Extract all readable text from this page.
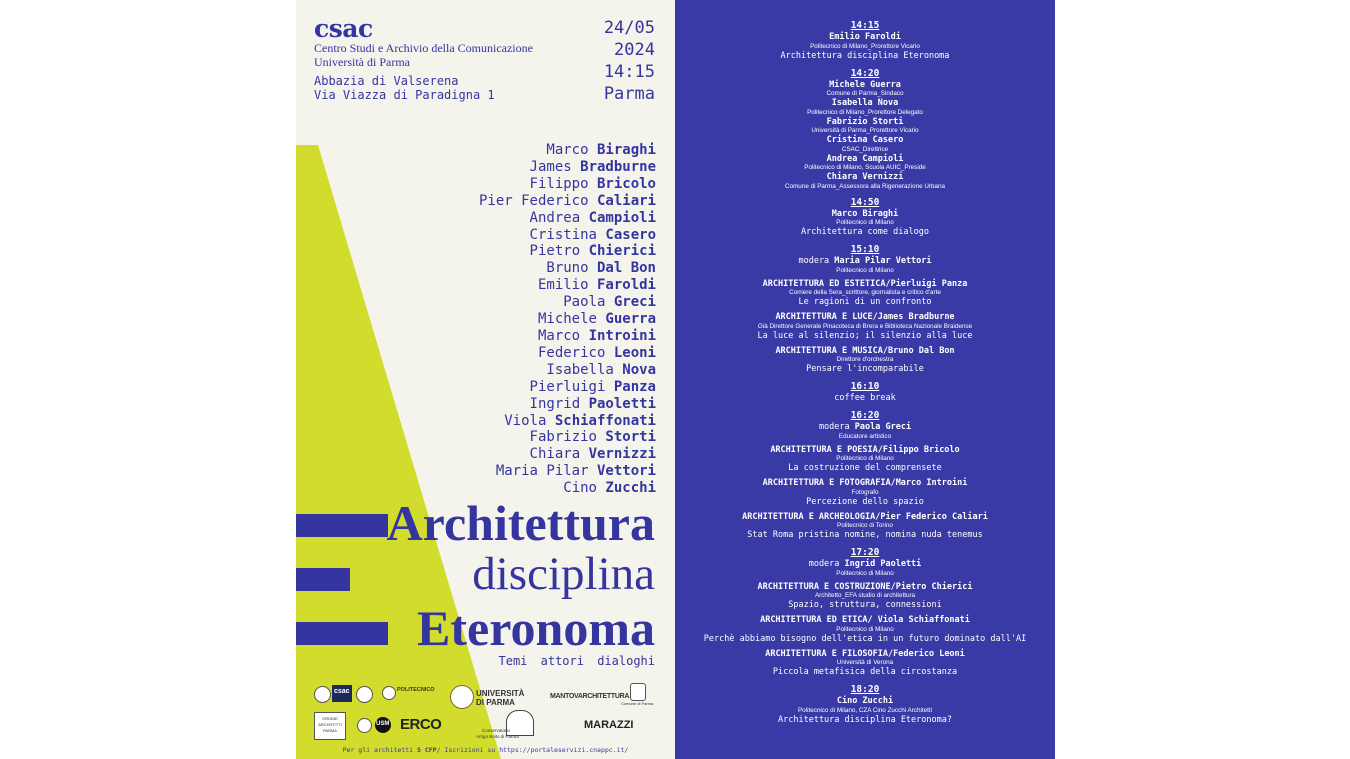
csac
Centro Studi e Archivio della Comunicazione
Università di Parma
Abbazia di Valserena
Via Viazza di Paradigna 1
24/05
2024
14:15
Parma
Marco Biraghi
James Bradburne
Filippo Bricolo
Pier Federico Caliari
Andrea Campioli
Cristina Casero
Pietro Chierici
Bruno Dal Bon
Emilio Faroldi
Paola Greci
Michele Guerra
Marco Introini
Federico Leoni
Isabella Nova
Pierluigi Panza
Ingrid Paoletti
Viola Schiaffonati
Fabrizio Storti
Chiara Vernizzi
Maria Pilar Vettori
Cino Zucchi
Architettura
disciplina
Eteronoma
Temi attori dialoghi
csac	POLITECNICO	UNIVERSITÀ
DI PARMA
MANTOVARCHITETTURA
Comune di Parma
ORDINE
ARCHITETTI
PARMA
USM ERCO	Conservatorio
Arrigo Boito di Parma
MARAZZI
Per gli architetti 5 CFP/ Iscrizioni su https://portaleservizi.cnappc.it/
14:15
Emilio Faroldi
Politecnico di Milano_Prorettore Vicario
Architettura disciplina Eteronoma
14:20
Michele Guerra
Comune di Parma_Sindaco
Isabella Nova
Politecnico di Milano_Prorettore Delegato
Fabrizio Storti
Università di Parma_Prorettore Vicario
Cristina Casero
CSAC_Direttrice
Andrea Campioli
Politecnico di Milano, Scuola AUIC_Preside
Chiara Vernizzi
Comune di Parma_Assessora alla Rigenerazione Urbana
14:50
Marco Biraghi
Politecnico di Milano
Architettura come dialogo
15:10
modera Maria Pilar Vettori
Politecnico di Milano
ARCHITETTURA ED ESTETICA/Pierluigi Panza
Corriere della Sera_scrittore, giornalista e critico d'arte
Le ragioni di un confronto
ARCHITETTURA E LUCE/James Bradburne
Già Direttore Generale Pinacoteca di Brera e Biblioteca Nazionale Braidense
La luce al silenzio; il silenzio alla luce
ARCHITETTURA E MUSICA/Bruno Dal Bon
Direttore d'orchestra
Pensare l'incomparabile
16:10
coffee break
16:20
modera Paola Greci
Educatore artistico
ARCHITETTURA E POESIA/Filippo Bricolo
Politecnico di Milano
La costruzione del comprensete
ARCHITETTURA E FOTOGRAFIA/Marco Introini
Fotografo
Percezione dello spazio
ARCHITETTURA E ARCHEOLOGIA/Pier Federico Caliari
Politecnico di Torino
Stat Roma pristina nomine, nomina nuda tenemus
17:20
modera Ingrid Paoletti
Politecnico di Milano
ARCHITETTURA E COSTRUZIONE/Pietro Chierici
Architetto_EFA studio di architettura
Spazio, struttura, connessioni
ARCHITETTURA ED ETICA/ Viola Schiaffonati
Politecnico di Milano
Perchè abbiamo bisogno dell'etica in un futuro dominato dall'AI
ARCHITETTURA E FILOSOFIA/Federico Leoni
Università di Verona
Piccola metafisica della circostanza
18:20
Cino Zucchi
Politecnico di Milano, CZA Cino Zucchi Architetti
Architettura disciplina Eteronoma?
